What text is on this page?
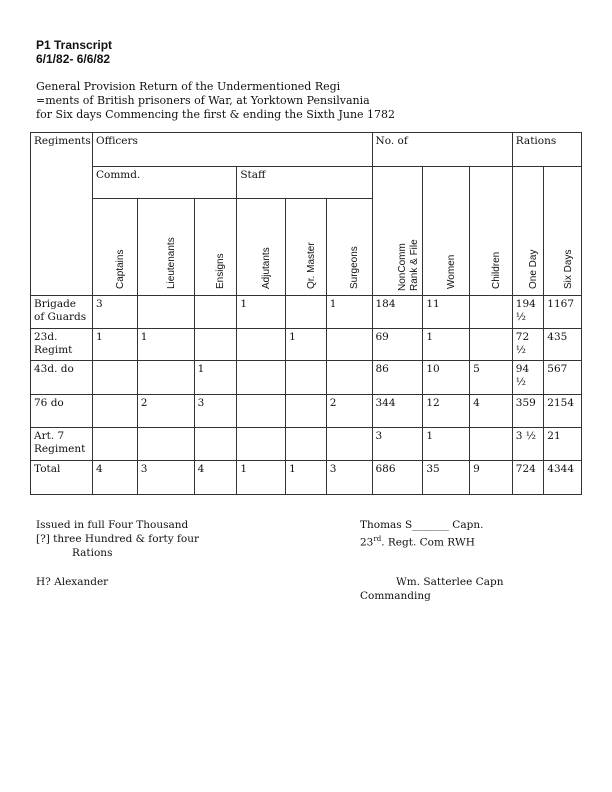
P1 Transcript
6/1/82- 6/6/82
General Provision Return of the Undermentioned Regi
=ments of British prisoners of War, at Yorktown Pensilvania
for Six days Commencing the first & ending the Sixth June 1782
Regiments	Officers						No. of			Rations	
	Commd.			Staff			NonComm Rank & File	Women	Children	One Day	Six Days

	Captains	Lieutenants	Ensigns	Adjutants	Qr. Master	Surgeons					

Brigade of Guards	3			1		1	184	11		194 ½	1167
23d. Regimt	1	1			1		69	1		72 ½	435
43d. do			1				86	10	5	94 ½	567
76 do		2	3			2	344	12	4	359	2154
Art. 7 Regiment							3	1		3 ½	21
Total	4	3	4	1	1	3	686	35	9	724	4344
Issued in full Four Thousand
[?] three Hundred & forty four
Rations
H? Alexander
Thomas S_______ Capn.
23rd. Regt. Com RWH
Wm. Satterlee Capn
Commanding
